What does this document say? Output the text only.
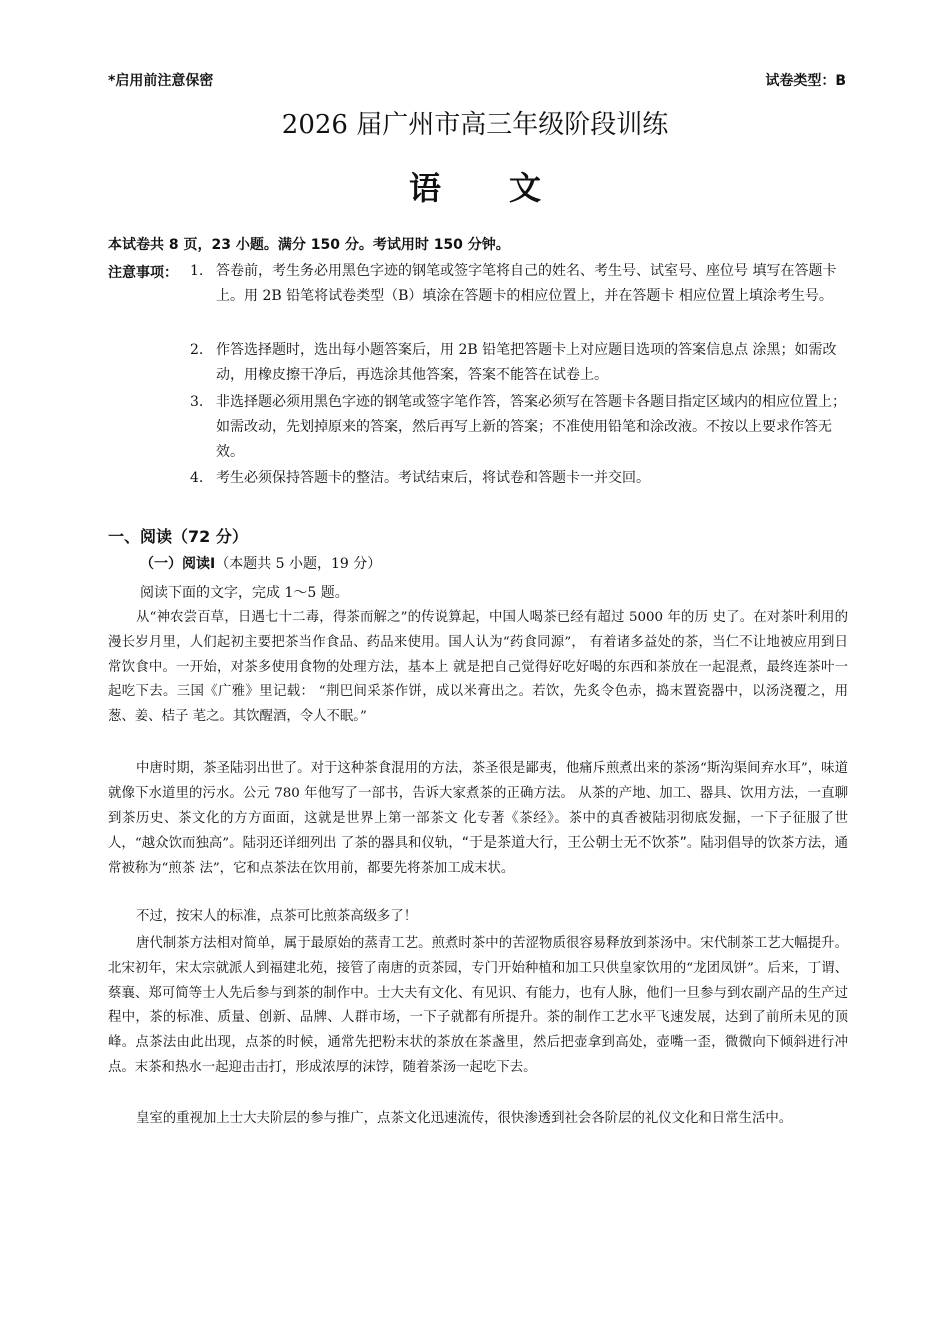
*启用前注意保密	试卷类型：B
2026 届广州市高三年级阶段训练
语 文
本试卷共 8 页，23 小题。满分 150 分。考试用时 150 分钟。
注意事项： 1. 答卷前，考生务必用黑色字迹的钢笔或签字笔将自己的姓名、考生号、试室号、座位号 填写在答题卡上。用 2B 铅笔将试卷类型（B）填涂在答题卡的相应位置上，并在答题卡 相应位置上填涂考生号。
2. 作答选择题时，选出每小题答案后，用 2B 铅笔把答题卡上对应题目选项的答案信息点 涂黑；如需改动，用橡皮擦干净后，再选涂其他答案，答案不能答在试卷上。
3. 非选择题必须用黑色字迹的钢笔或签字笔作答，答案必须写在答题卡各题目指定区域内的相应位置上；如需改动，先划掉原来的答案，然后再写上新的答案；不准使用铅笔和涂改液。不按以上要求作答无效。
4. 考生必须保持答题卡的整洁。考试结束后，将试卷和答题卡一并交回。
一、阅读（72 分）
（一）阅读Ⅰ（本题共 5 小题，19 分）
阅读下面的文字，完成 1～5 题。

从“神农尝百草，日遇七十二毒，得茶而解之”的传说算起，中国人喝茶已经有超过 5000 年的历 史了。在对茶叶利用的漫长岁月里，人们起初主要把茶当作食品、药品来使用。国人认为“药食同源”， 有着诸多益处的茶，当仁不让地被应用到日常饮食中。一开始，对茶多使用食物的处理方法，基本上 就是把自己觉得好吃好喝的东西和茶放在一起混煮，最终连茶叶一起吃下去。三国《广雅》里记载： “荆巴间采茶作饼，成以米膏出之。若饮，先炙令色赤，捣末置瓷器中，以汤浇覆之，用葱、姜、桔子 芼之。其饮醒酒，令人不眠。”

中唐时期，茶圣陆羽出世了。对于这种茶食混用的方法，茶圣很是鄙夷，他痛斥煎煮出来的茶汤“斯沟渠间弃水耳”，味道就像下水道里的污水。公元 780 年他写了一部书，告诉大家煮茶的正确方法。 从茶的产地、加工、器具、饮用方法，一直聊到茶历史、茶文化的方方面面，这就是世界上第一部茶文 化专著《茶经》。茶中的真香被陆羽彻底发掘，一下子征服了世人，“越众饮而独高”。陆羽还详细列出 了茶的器具和仪轨，“于是茶道大行，王公朝士无不饮茶”。陆羽倡导的饮茶方法，通常被称为“煎茶 法”，它和点茶法在饮用前，都要先将茶加工成末状。

不过，按宋人的标准，点茶可比煎茶高级多了！

唐代制茶方法相对简单，属于最原始的蒸青工艺。煎煮时茶中的苦涩物质很容易释放到茶汤中。宋代制茶工艺大幅提升。北宋初年，宋太宗就派人到福建北苑，接管了南唐的贡茶园，专门开始种植和加工只供皇家饮用的“龙团凤饼”。后来，丁谓、蔡襄、郑可简等士人先后参与到茶的制作中。士大夫有文化、有见识、有能力，也有人脉，他们一旦参与到农副产品的生产过程中，茶的标准、质量、创新、品牌、人群市场，一下子就都有所提升。茶的制作工艺水平飞速发展，达到了前所未见的顶峰。点茶法由此出现，点茶的时候，通常先把粉末状的茶放在茶盏里，然后把壶拿到高处，壶嘴一歪，微微向下倾斜进行冲点。末茶和热水一起迎击击打，形成浓厚的沫饽，随着茶汤一起吃下去。

皇室的重视加上士大夫阶层的参与推广，点茶文化迅速流传，很快渗透到社会各阶层的礼仪文化和日常生活中。
